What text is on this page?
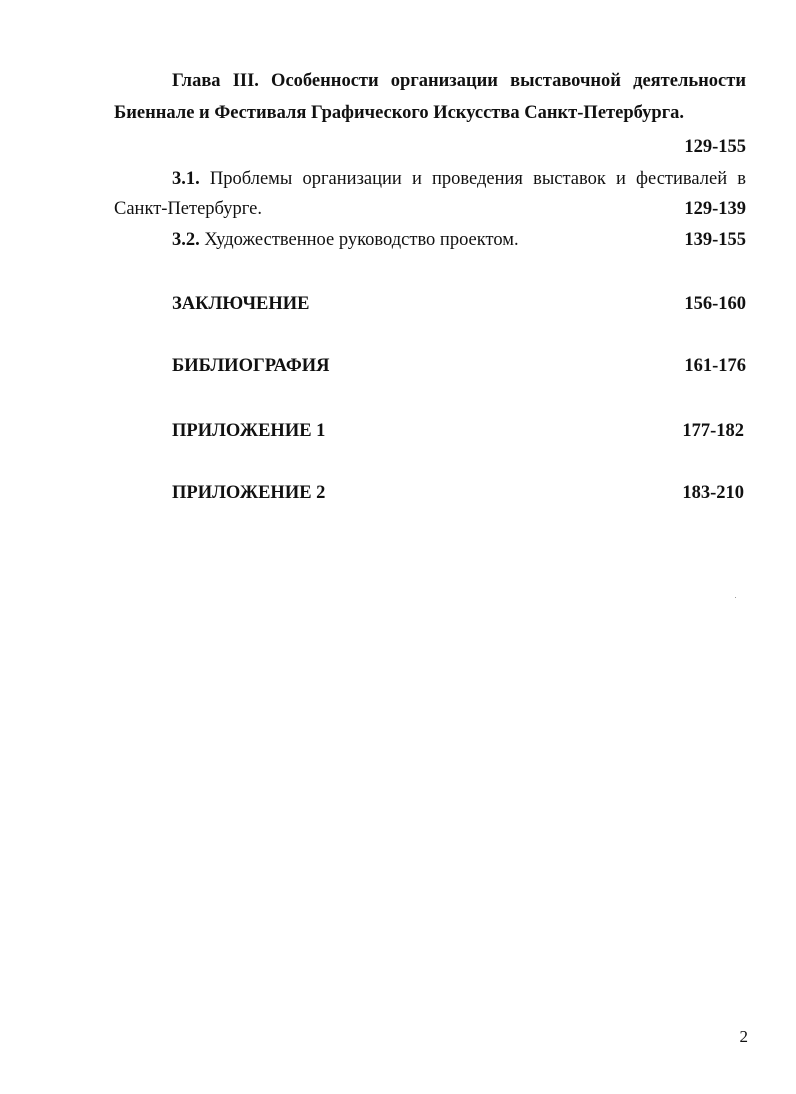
Глава III. Особенности организации выставочной деятельности
Биеннале и Фестиваля Графического Искусства Санкт-Петербурга.
129-155
3.1. Проблемы организации и проведения выставок и фестивалей в
Санкт-Петербурге.	129-139
3.2. Художественное руководство проектом.	139-155
ЗАКЛЮЧЕНИЕ	156-160
БИБЛИОГРАФИЯ	161-176
ПРИЛОЖЕНИЕ 1	177-182
ПРИЛОЖЕНИЕ 2	183-210
2
